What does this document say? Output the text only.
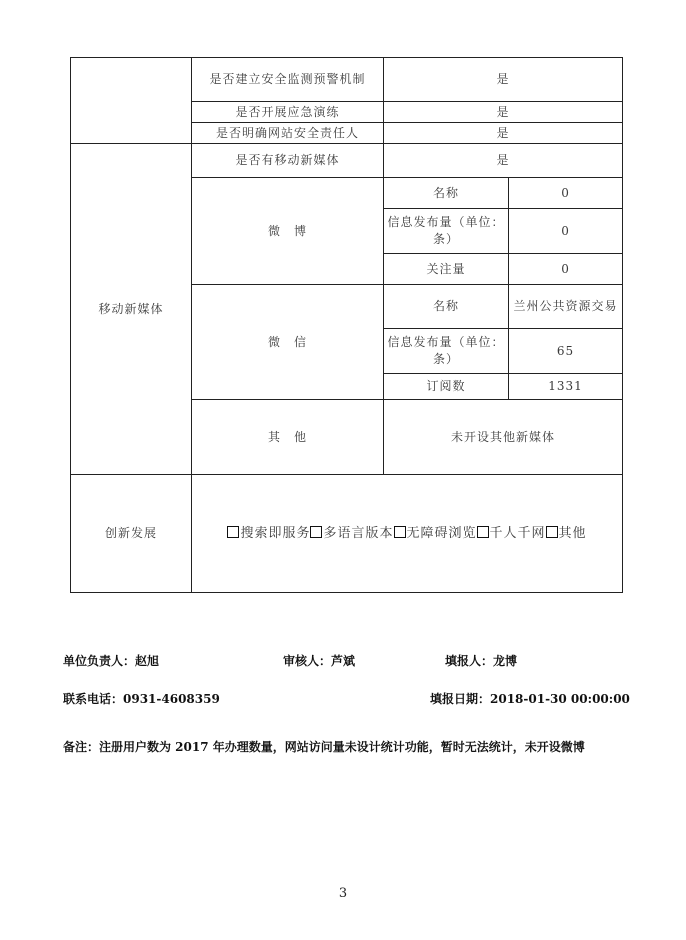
	是否建立安全监测预警机制	是	
	是否开展应急演练	是	
	是否明确网站安全责任人	是	
移动新媒体	是否有移动新媒体	是	
	微　博	名称	0
		信息发布量（单位：条）	0
		关注量	0
	微　信	名称	兰州公共资源交易
		信息发布量（单位：条）	65
		订阅数	1331
	其　他	未开设其他新媒体	
创新发展	搜索即服务 多语言版本 无障碍浏览 千人千网 其他		
单位负责人：赵旭	审核人：芦斌	填报人：龙博
联系电话：0931-4608359	填报日期：2018-01-30 00:00:00
备注：注册用户数为 2017 年办理数量，网站访问量未设计统计功能，暂时无法统计，未开设微博
3
